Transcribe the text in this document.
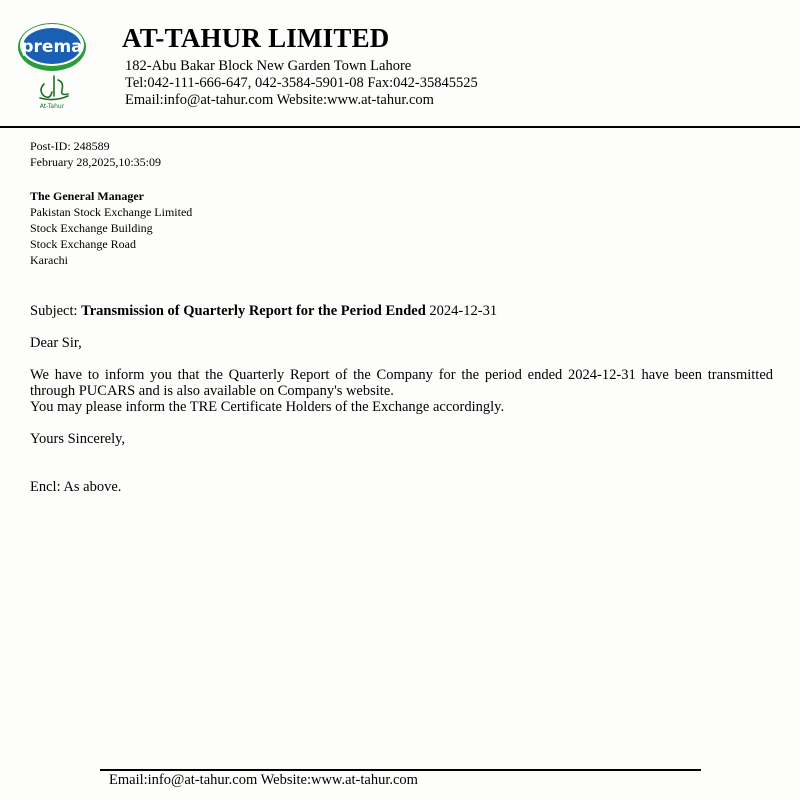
prema
At-Tahur
AT-TAHUR LIMITED
182-Abu Bakar Block New Garden Town Lahore
Tel:042-111-666-647, 042-3584-5901-08 Fax:042-35845525
Email:info@at-tahur.com Website:www.at-tahur.com
Post-ID: 248589
February 28,2025,10:35:09
The General Manager
Pakistan Stock Exchange Limited
Stock Exchange Building
Stock Exchange Road
Karachi
Subject: Transmission of Quarterly Report for the Period Ended 2024-12-31
Dear Sir,
We have to inform you that the Quarterly Report of the Company for the period ended 2024-12-31 have been transmitted
through PUCARS and is also available on Company's website.
You may please inform the TRE Certificate Holders of the Exchange accordingly.
Yours Sincerely,
Encl: As above.
Email:info@at-tahur.com Website:www.at-tahur.com
